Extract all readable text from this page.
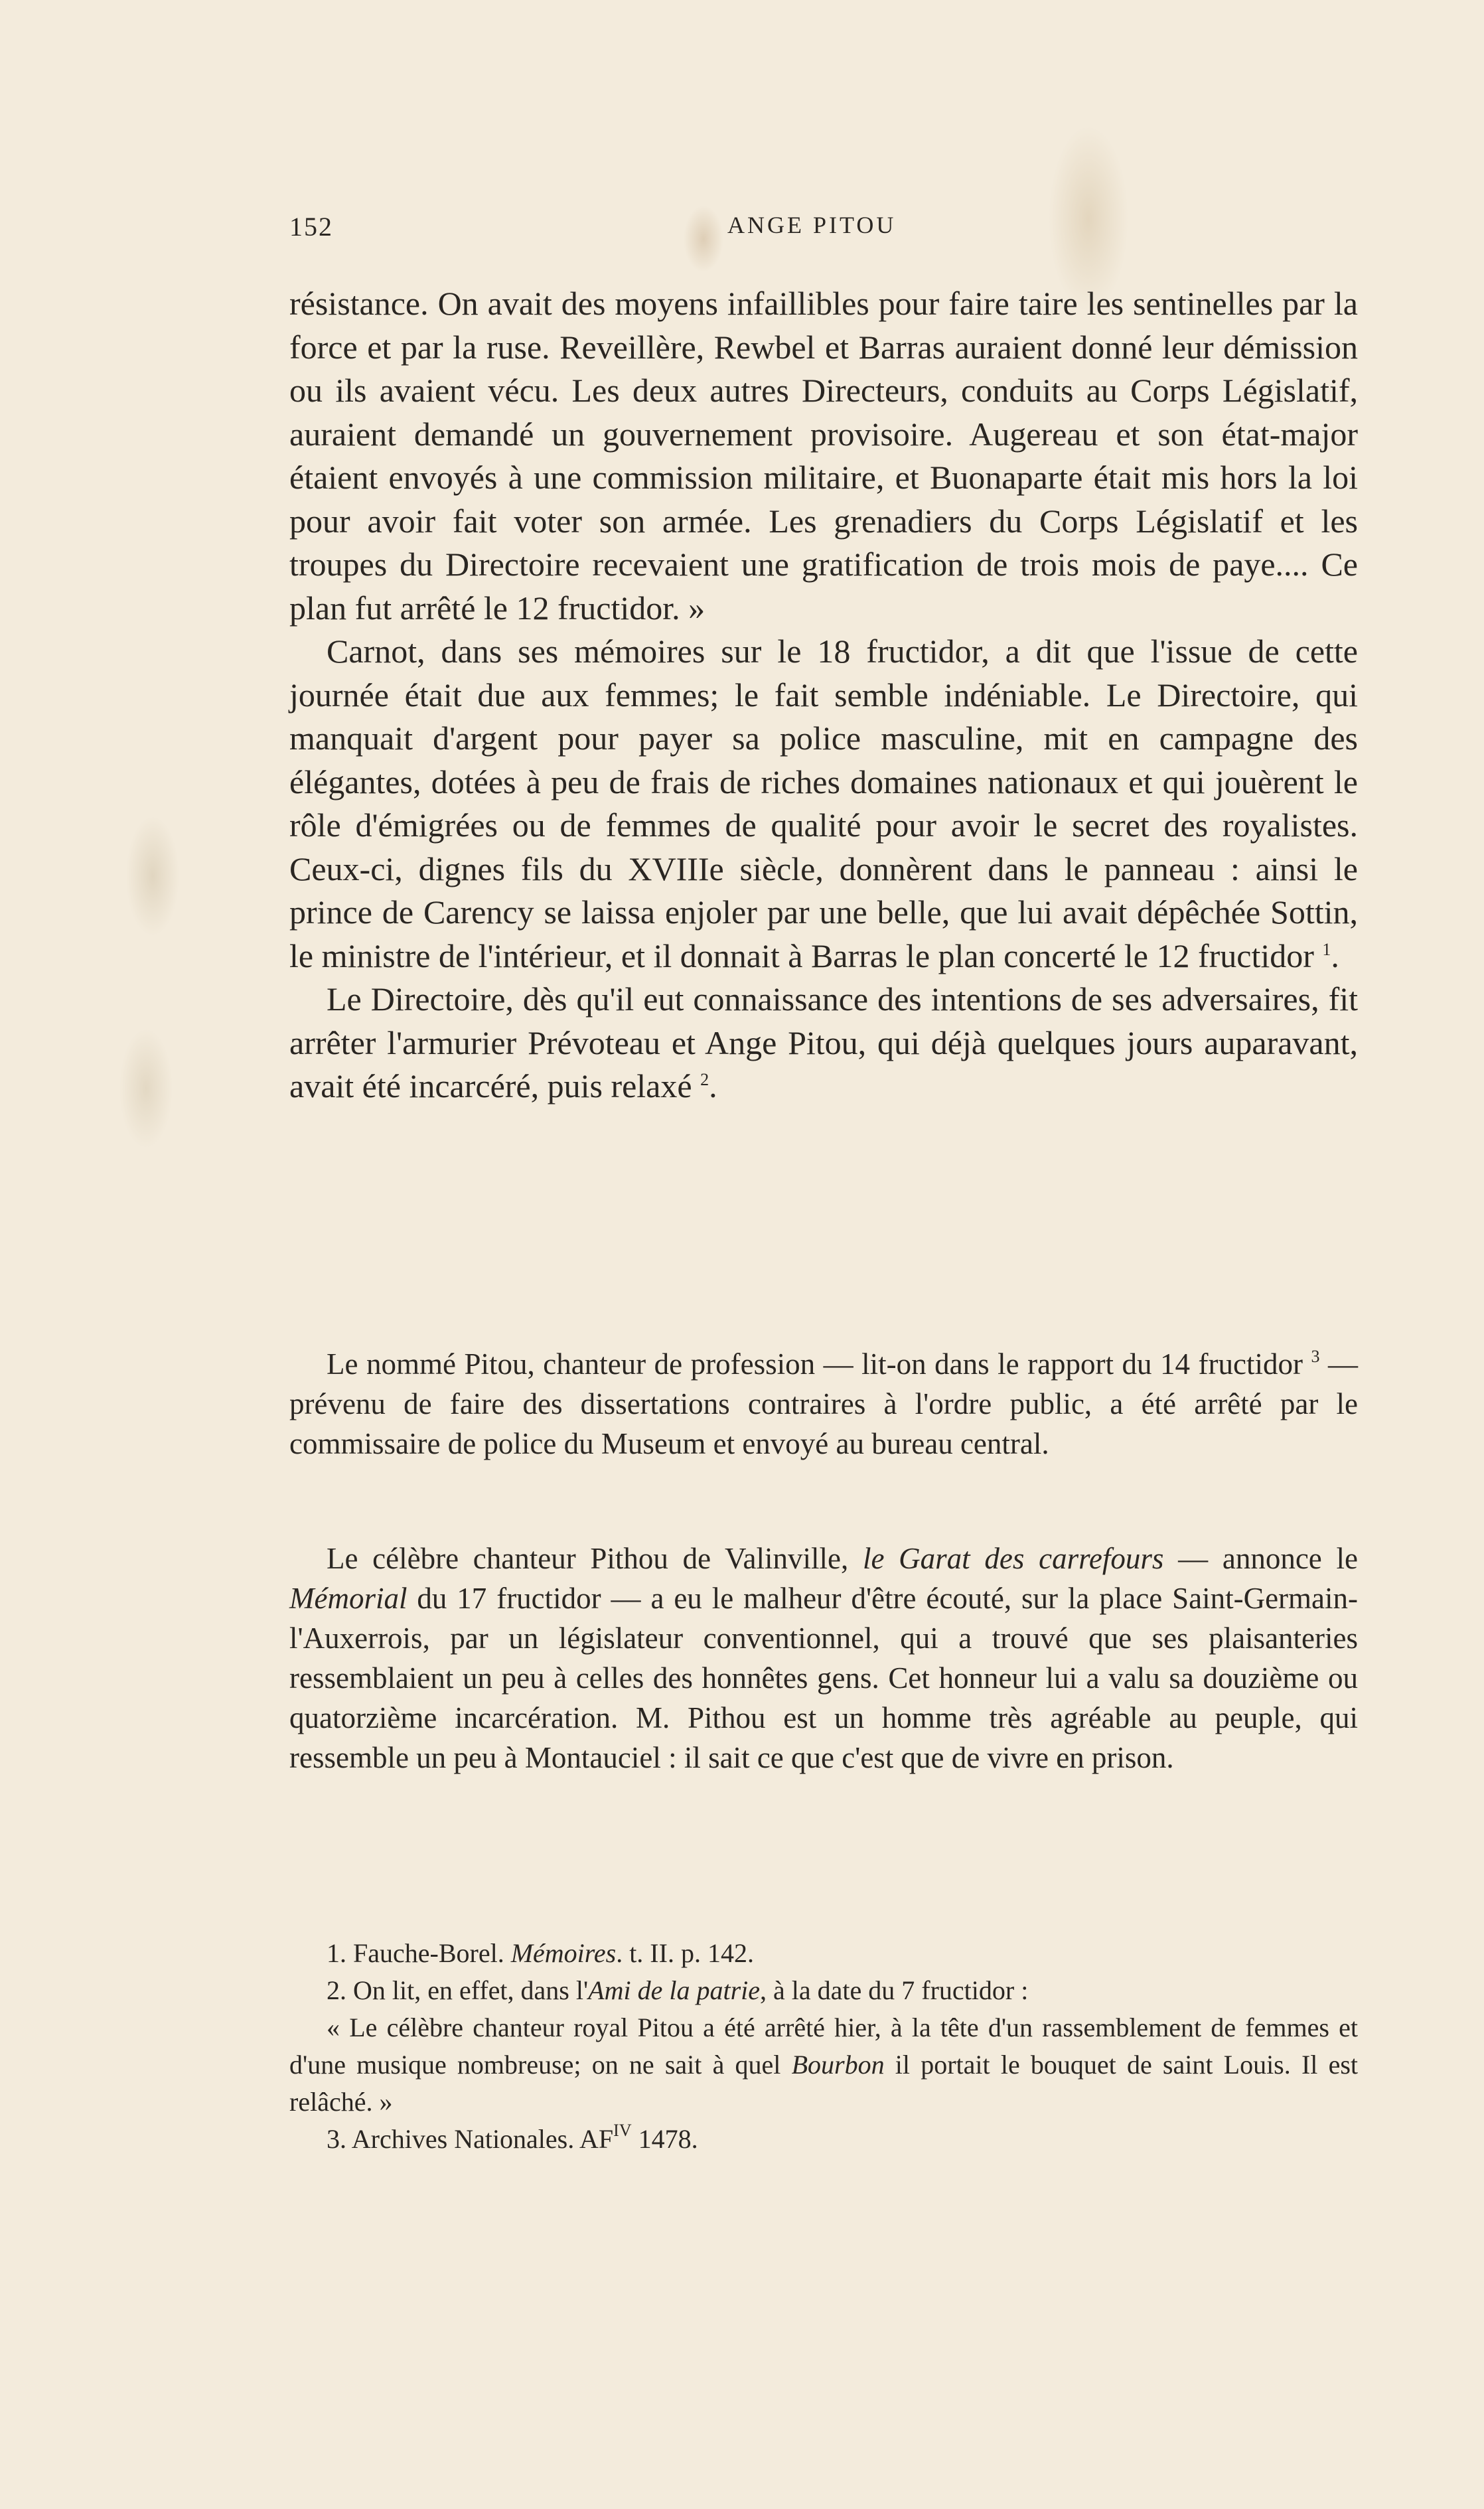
152	ANGE PITOU

résistance. On avait des moyens infaillibles pour faire taire les sentinelles par la force et par la ruse. Reveillère, Rewbel et Barras auraient donné leur démission ou ils avaient vécu. Les deux autres Directeurs, conduits au Corps Législatif, auraient demandé un gouvernement provisoire. Augereau et son état-major étaient envoyés à une commission militaire, et Buonaparte était mis hors la loi pour avoir fait voter son armée. Les grenadiers du Corps Législatif et les troupes du Directoire recevaient une gratification de trois mois de paye.... Ce plan fut arrêté le 12 fructidor. »

Carnot, dans ses mémoires sur le 18 fructidor, a dit que l'issue de cette journée était due aux femmes; le fait semble indéniable. Le Directoire, qui manquait d'argent pour payer sa police masculine, mit en campagne des élégantes, dotées à peu de frais de riches domaines nationaux et qui jouèrent le rôle d'émigrées ou de femmes de qualité pour avoir le secret des royalistes. Ceux-ci, dignes fils du XVIIIe siècle, donnèrent dans le panneau : ainsi le prince de Carency se laissa enjoler par une belle, que lui avait dépêchée Sottin, le ministre de l'intérieur, et il donnait à Barras le plan concerté le 12 fructidor $^1$.

Le Directoire, dès qu'il eut connaissance des intentions de ses adversaires, fit arrêter l'armurier Prévoteau et Ange Pitou, qui déjà quelques jours auparavant, avait été incarcéré, puis relaxé $^2$.

Le nommé Pitou, chanteur de profession — lit-on dans le rapport du 14 fructidor $^3$ — prévenu de faire des dissertations contraires à l'ordre public, a été arrêté par le commissaire de police du Museum et envoyé au bureau central.

Le célèbre chanteur Pithou de Valinville, le Garat des carrefours — annonce le Mémorial du 17 fructidor — a eu le malheur d'être écouté, sur la place Saint-Germain-l'Auxerrois, par un législateur conventionnel, qui a trouvé que ses plaisanteries ressemblaient un peu à celles des honnêtes gens. Cet honneur lui a valu sa douzième ou quatorzième incarcération. M. Pithou est un homme très agréable au peuple, qui ressemble un peu à Montauciel : il sait ce que c'est que de vivre en prison.

1. Fauche-Borel. Mémoires. t. II. p. 142.

2. On lit, en effet, dans l'Ami de la patrie, à la date du 7 fructidor :

« Le célèbre chanteur royal Pitou a été arrêté hier, à la tête d'un rassemblement de femmes et d'une musique nombreuse; on ne sait à quel Bourbon il portait le bouquet de saint Louis. Il est relâché. »

3. Archives Nationales. $AF^{IV}$ 1478.
